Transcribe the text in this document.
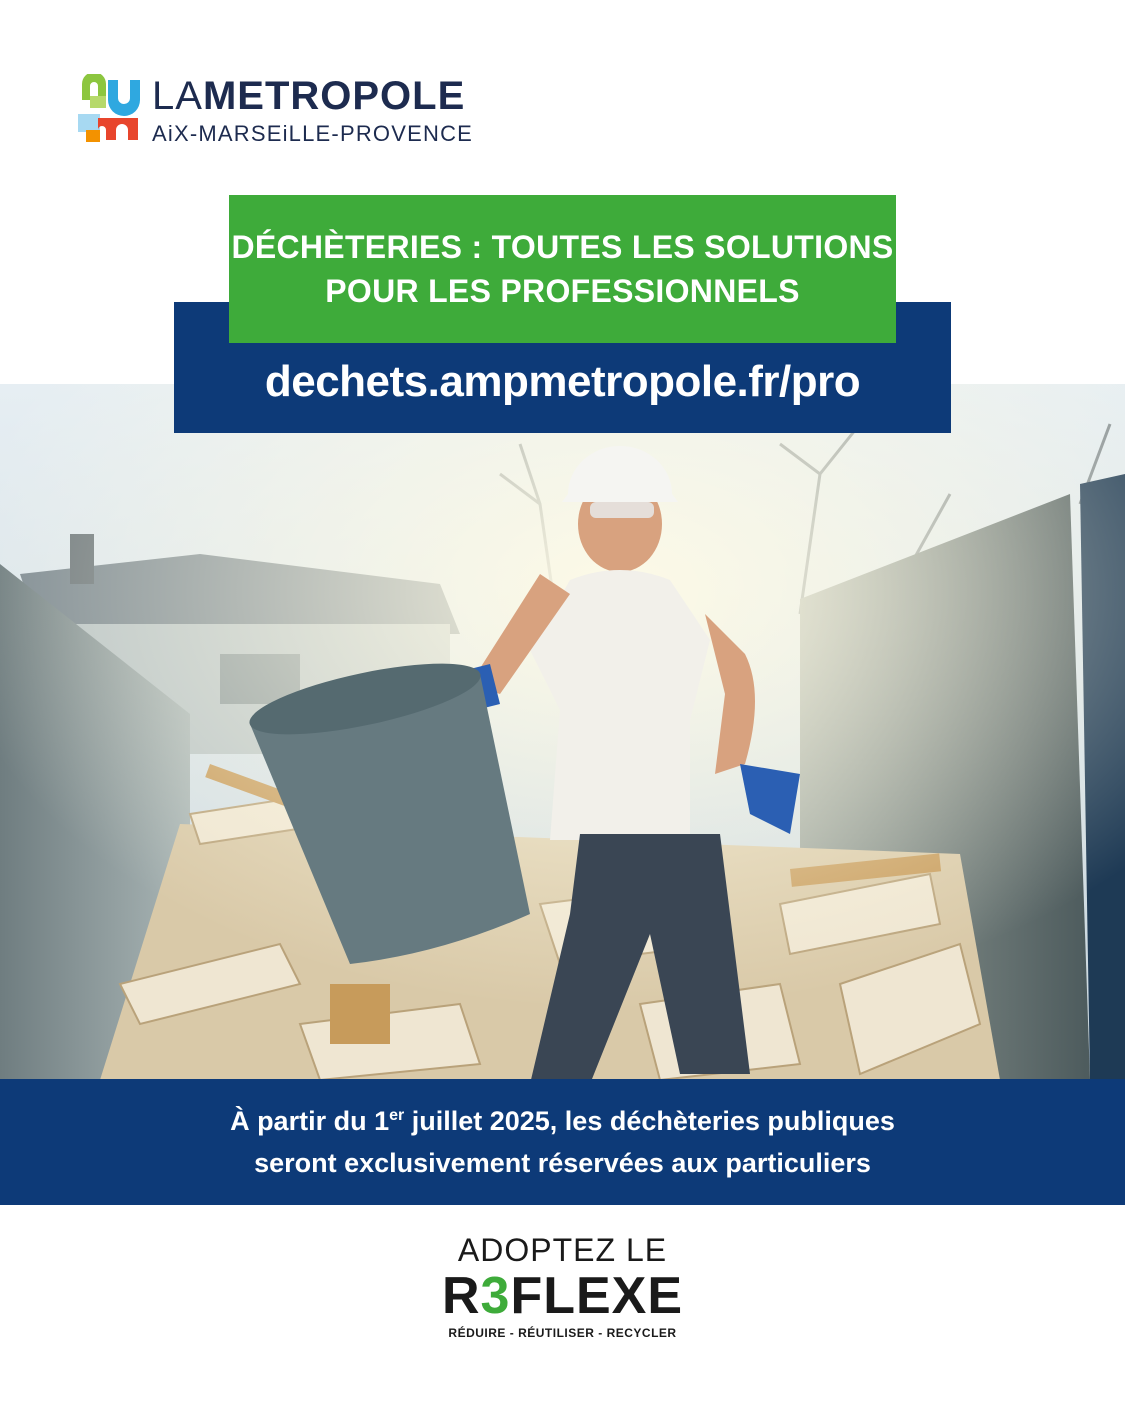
LAMETROPOLE
AiX-MARSEiLLE-PROVENCE
dechets.ampmetropole.fr/pro
DÉCHÈTERIES : TOUTES LES SOLUTIONS
POUR LES PROFESSIONNELS
À partir du 1er juillet 2025, les déchèteries publiques
seront exclusivement réservées aux particuliers
ADOPTEZ LE
R3FLEXE
RÉDUIRE - RÉUTILISER - RECYCLER
